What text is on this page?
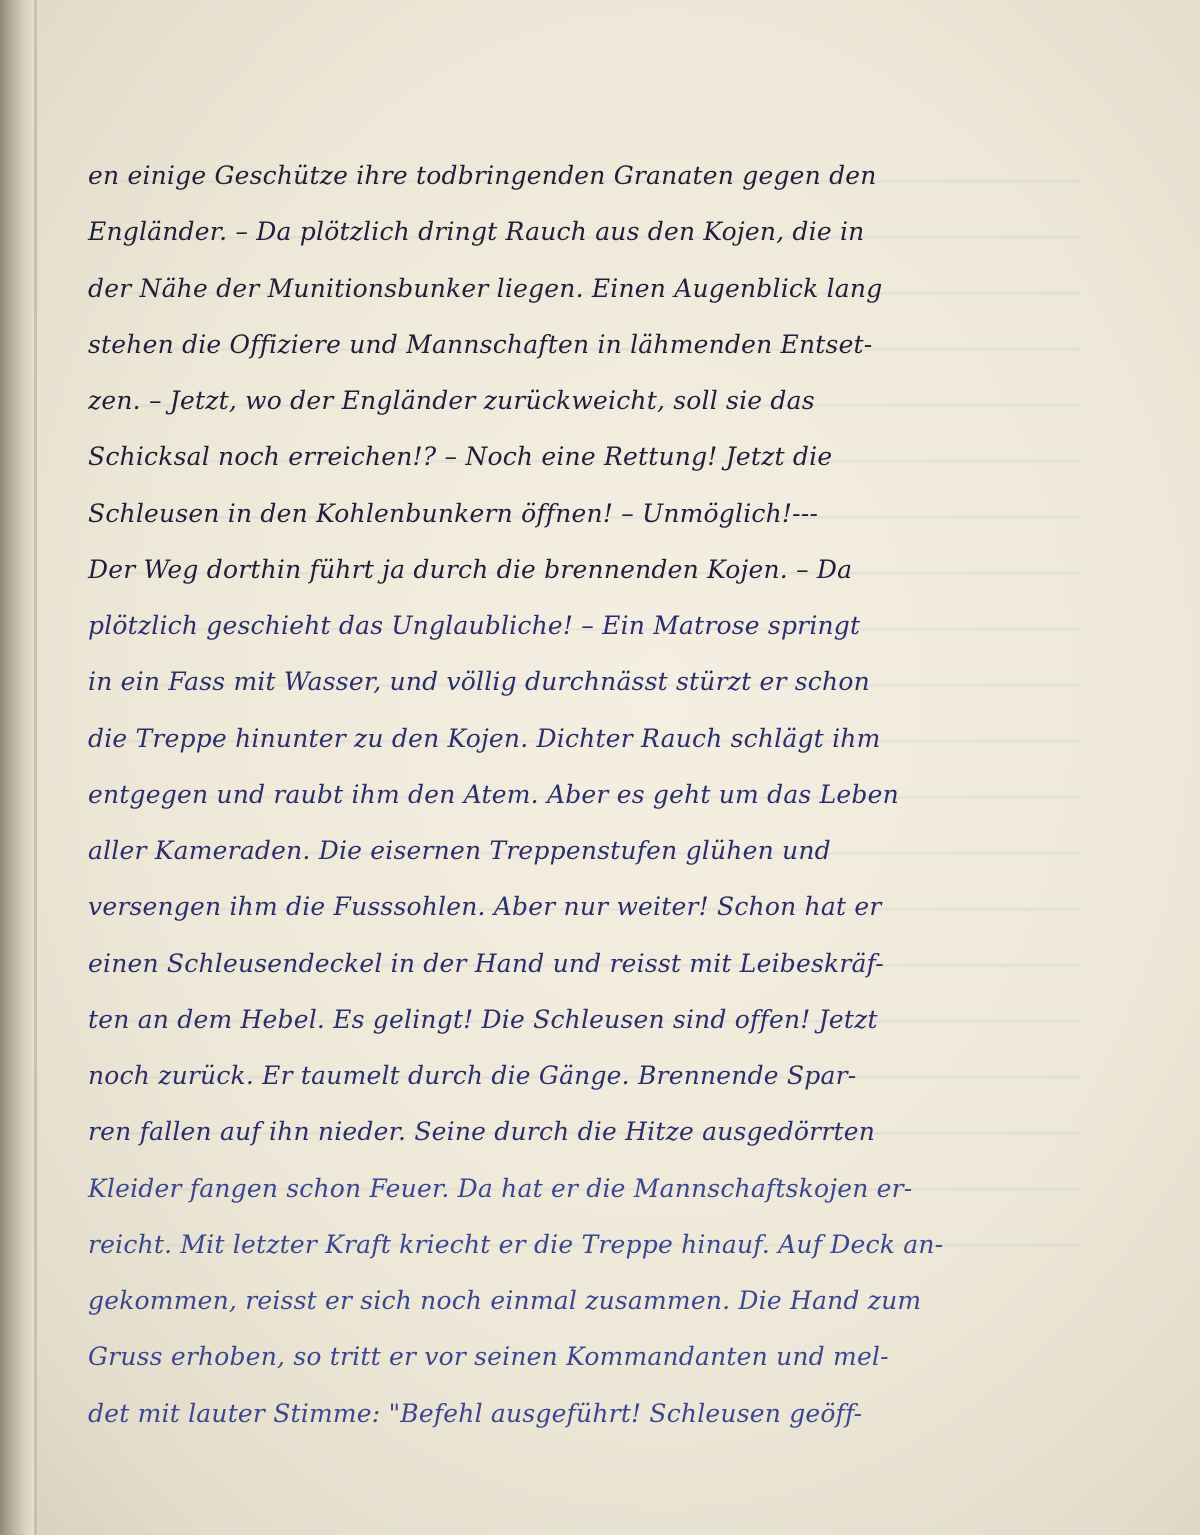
en einige Geschütze ihre todbringenden Granaten gegen den
Engländer. – Da plötzlich dringt Rauch aus den Kojen, die in
der Nähe der Munitionsbunker liegen. Einen Augenblick lang
stehen die Offiziere und Mannschaften in lähmenden Entset-
zen. – Jetzt, wo der Engländer zurückweicht, soll sie das
Schicksal noch erreichen!? – Noch eine Rettung! Jetzt die
Schleusen in den Kohlenbunkern öffnen! – Unmöglich!---
Der Weg dorthin führt ja durch die brennenden Kojen. – Da
plötzlich geschieht das Unglaubliche! – Ein Matrose springt
in ein Fass mit Wasser, und völlig durchnässt stürzt er schon
die Treppe hinunter zu den Kojen. Dichter Rauch schlägt ihm
entgegen und raubt ihm den Atem. Aber es geht um das Leben
aller Kameraden. Die eisernen Treppenstufen glühen und
versengen ihm die Fusssohlen. Aber nur weiter! Schon hat er
einen Schleusendeckel in der Hand und reisst mit Leibeskräf-
ten an dem Hebel. Es gelingt! Die Schleusen sind offen! Jetzt
noch zurück. Er taumelt durch die Gänge. Brennende Spar-
ren fallen auf ihn nieder. Seine durch die Hitze ausgedörrten
Kleider fangen schon Feuer. Da hat er die Mannschaftskojen er-
reicht. Mit letzter Kraft kriecht er die Treppe hinauf. Auf Deck an-
gekommen, reisst er sich noch einmal zusammen. Die Hand zum
Gruss erhoben, so tritt er vor seinen Kommandanten und mel-
det mit lauter Stimme: "Befehl ausgeführt! Schleusen geöff-
